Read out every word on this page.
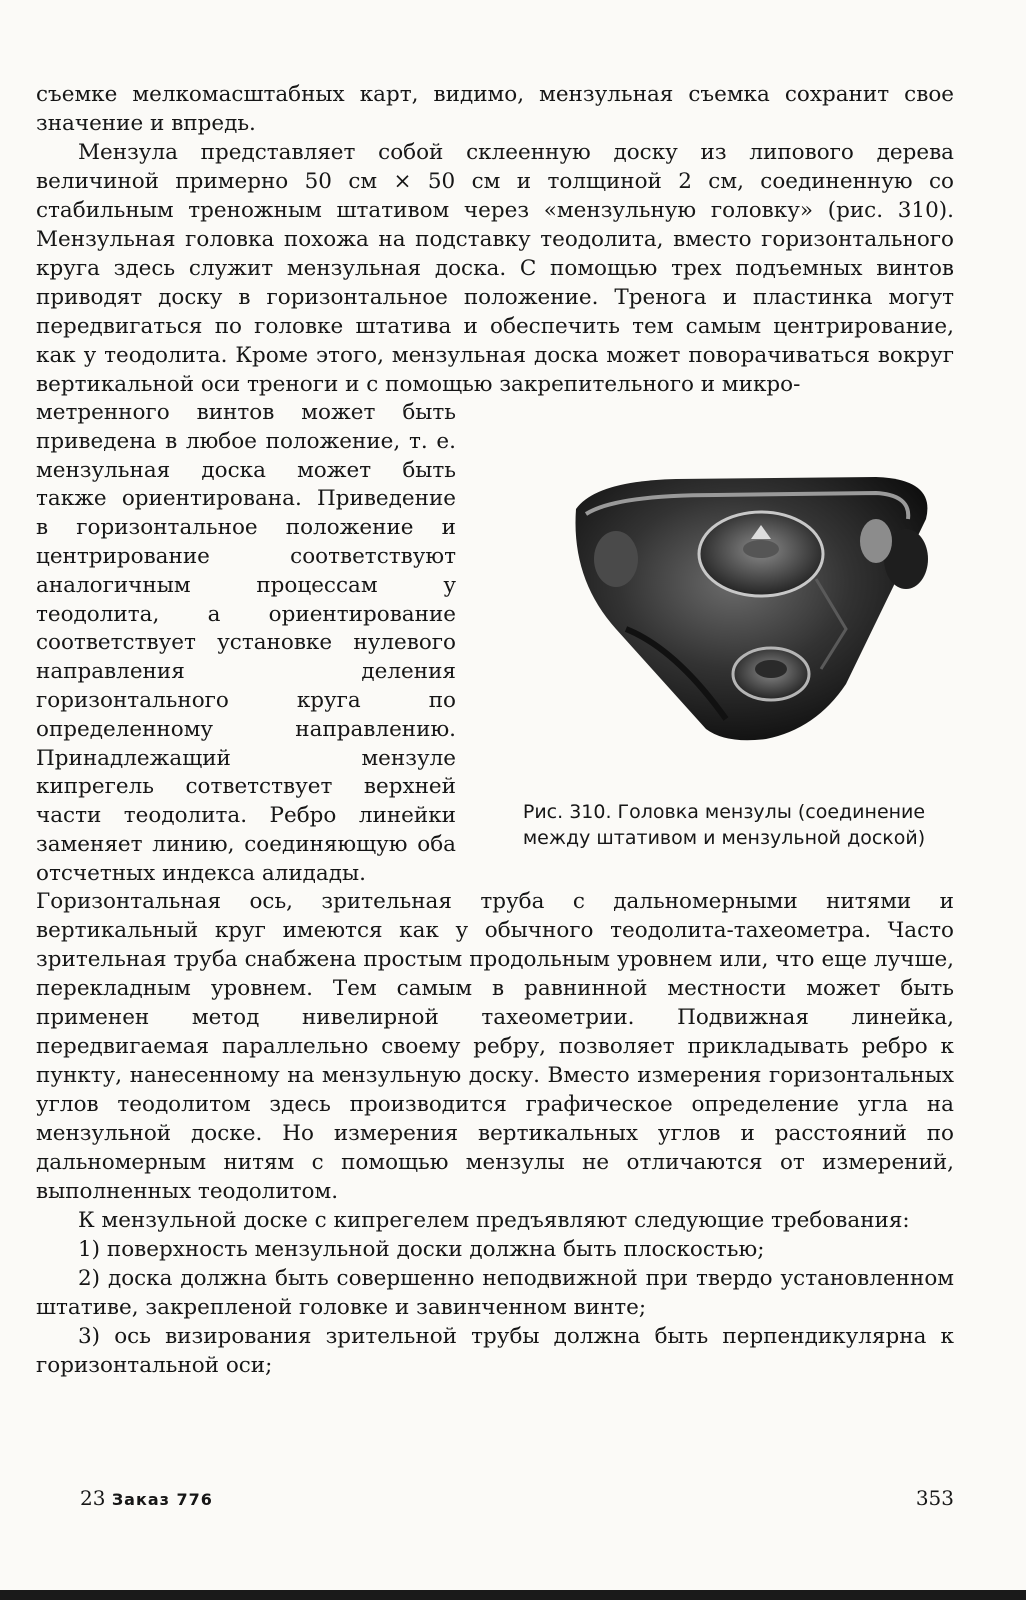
съемке мелкомасштабных карт, видимо, мензульная съемка сохранит свое значение и впредь.

Мензула представляет собой склеенную доску из липового дерева величиной примерно 50 см × 50 см и толщиной 2 см, соединенную со стабильным треножным штативом через «мензульную головку» (рис. 310). Мензульная головка похожа на подставку теодолита, вместо горизонтального круга здесь служит мензульная доска. С помощью трех подъемных винтов приводят доску в горизонтальное положение. Тренога и пластинка могут передвигаться по головке штатива и обеспечить тем самым центрирование, как у теодолита. Кроме этого, мензульная доска может поворачиваться вокруг вертикальной оси треноги и с помощью закрепительного и микро-

метренного винтов может быть приведена в любое положение, т. е. мензульная доска может быть также ориентирована. Приведение в горизонтальное положение и центрирование соответствуют аналогичным процессам у теодолита, а ориентирование соответствует установке нулевого направления деления горизонтального круга по определенному направлению. Принадлежащий мензуле кипрегель сответствует верхней части теодолита. Ребро линейки заменяет линию, соединяющую оба отсчетных индекса алидады.
Рис. 310. Головка мензулы (соединение между штативом и мензульной доской)

Горизонтальная ось, зрительная труба с дальномерными нитями и вертикальный круг имеются как у обычного теодолита-тахеометра. Часто зрительная труба снабжена простым продольным уровнем или, что еще лучше, перекладным уровнем. Тем самым в равнинной местности может быть применен метод нивелирной тахеометрии. Подвижная линейка, передвигаемая параллельно своему ребру, позволяет прикладывать ребро к пункту, нанесенному на мензульную доску. Вместо измерения горизонтальных углов теодолитом здесь производится графическое определение угла на мензульной доске. Но измерения вертикальных углов и расстояний по дальномерным нитям с помощью мензулы не отличаются от измерений, выполненных теодолитом.

К мензульной доске с кипрегелем предъявляют следующие требования:

1) поверхность мензульной доски должна быть плоскостью;

2) доска должна быть совершенно неподвижной при твердо установленном штативе, закрепленой головке и завинченном винте;

3) ось визирования зрительной трубы должна быть перпендикулярна к горизонтальной оси;

23 Заказ 776	353
